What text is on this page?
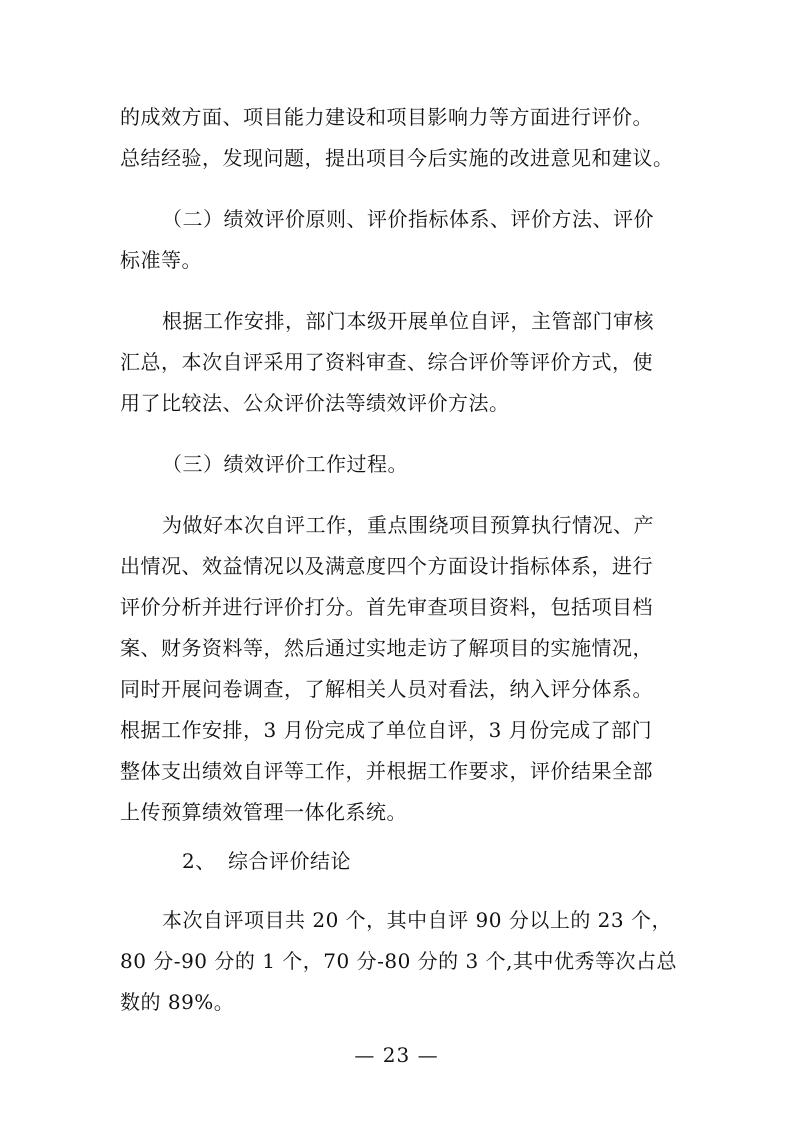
的成效方面、项目能力建设和项目影响力等方面进行评价。
总结经验，发现问题，提出项目今后实施的改进意见和建议。
（二）绩效评价原则、评价指标体系、评价方法、评价
标准等。
根据工作安排，部门本级开展单位自评，主管部门审核
汇总，本次自评采用了资料审查、综合评价等评价方式，使
用了比较法、公众评价法等绩效评价方法。
（三）绩效评价工作过程。
为做好本次自评工作，重点围绕项目预算执行情况、产
出情况、效益情况以及满意度四个方面设计指标体系，进行
评价分析并进行评价打分。首先审查项目资料，包括项目档
案、财务资料等，然后通过实地走访了解项目的实施情况，
同时开展问卷调查，了解相关人员对看法，纳入评分体系。
根据工作安排，3 月份完成了单位自评，3 月份完成了部门
整体支出绩效自评等工作，并根据工作要求，评价结果全部
上传预算绩效管理一体化系统。
2、 综合评价结论
本次自评项目共 20 个，其中自评 90 分以上的 23 个，
80 分-90 分的 1 个，70 分-80 分的 3 个,其中优秀等次占总
数的 89%。
— 23 —
